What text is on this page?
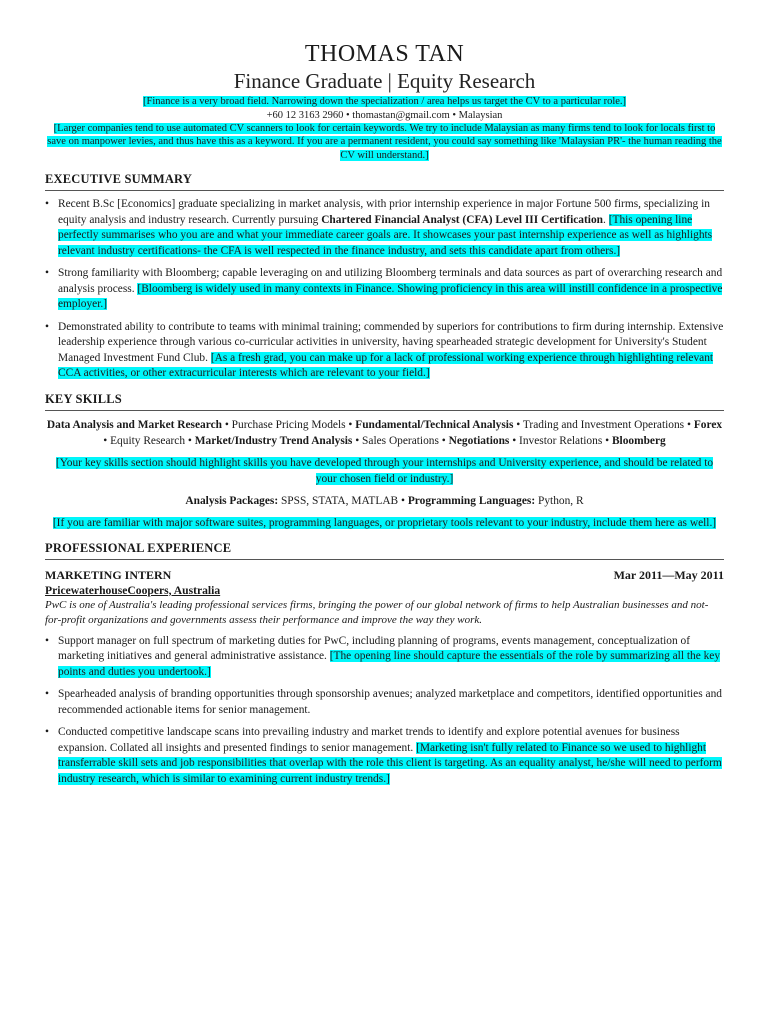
THOMAS TAN
Finance Graduate | Equity Research
[Finance is a very broad field. Narrowing down the specialization / area helps us target the CV to a particular role.]
+60 12 3163 2960 • thomastan@gmail.com • Malaysian
[Larger companies tend to use automated CV scanners to look for certain keywords. We try to include Malaysian as many firms tend to look for locals first to save on manpower levies, and thus have this as a keyword. If you are a permanent resident, you could say something like 'Malaysian PR'- the human reading the CV will understand.]
EXECUTIVE SUMMARY
• Recent B.Sc [Economics] graduate specializing in market analysis, with prior internship experience in major Fortune 500 firms, specializing in equity analysis and industry research. Currently pursuing Chartered Financial Analyst (CFA) Level III Certification. [This opening line perfectly summarises who you are and what your immediate career goals are. It showcases your past internship experience as well as highlights relevant industry certifications- the CFA is well respected in the finance industry, and sets this candidate apart from others.]
• Strong familiarity with Bloomberg; capable leveraging on and utilizing Bloomberg terminals and data sources as part of overarching research and analysis process. [Bloomberg is widely used in many contexts in Finance. Showing proficiency in this area will instill confidence in a prospective employer.]
• Demonstrated ability to contribute to teams with minimal training; commended by superiors for contributions to firm during internship. Extensive leadership experience through various co-curricular activities in university, having spearheaded strategic development for University's Student Managed Investment Fund Club. [As a fresh grad, you can make up for a lack of professional working experience through highlighting relevant CCA activities, or other extracurricular interests which are relevant to your field.]
KEY SKILLS
Data Analysis and Market Research • Purchase Pricing Models • Fundamental/Technical Analysis • Trading and Investment Operations • Forex • Equity Research • Market/Industry Trend Analysis • Sales Operations • Negotiations • Investor Relations • Bloomberg
[Your key skills section should highlight skills you have developed through your internships and University experience, and should be related to your chosen field or industry.]
Analysis Packages: SPSS, STATA, MATLAB • Programming Languages: Python, R
[If you are familiar with major software suites, programming languages, or proprietary tools relevant to your industry, include them here as well.]
PROFESSIONAL EXPERIENCE
MARKETING INTERN	Mar 2011—May 2011
PricewaterhouseCoopers, Australia
PwC is one of Australia's leading professional services firms, bringing the power of our global network of firms to help Australian businesses and not-for-profit organizations and governments assess their performance and improve the way they work.
• Support manager on full spectrum of marketing duties for PwC, including planning of programs, events management, conceptualization of marketing initiatives and general administrative assistance. [The opening line should capture the essentials of the role by summarizing all the key points and duties you undertook.]
• Spearheaded analysis of branding opportunities through sponsorship avenues; analyzed marketplace and competitors, identified opportunities and recommended actionable items for senior management.
• Conducted competitive landscape scans into prevailing industry and market trends to identify and explore potential avenues for business expansion. Collated all insights and presented findings to senior management. [Marketing isn't fully related to Finance so we used to highlight transferrable skill sets and job responsibilities that overlap with the role this client is targeting. As an equality analyst, he/she will need to perform industry research, which is similar to examining current industry trends.]
